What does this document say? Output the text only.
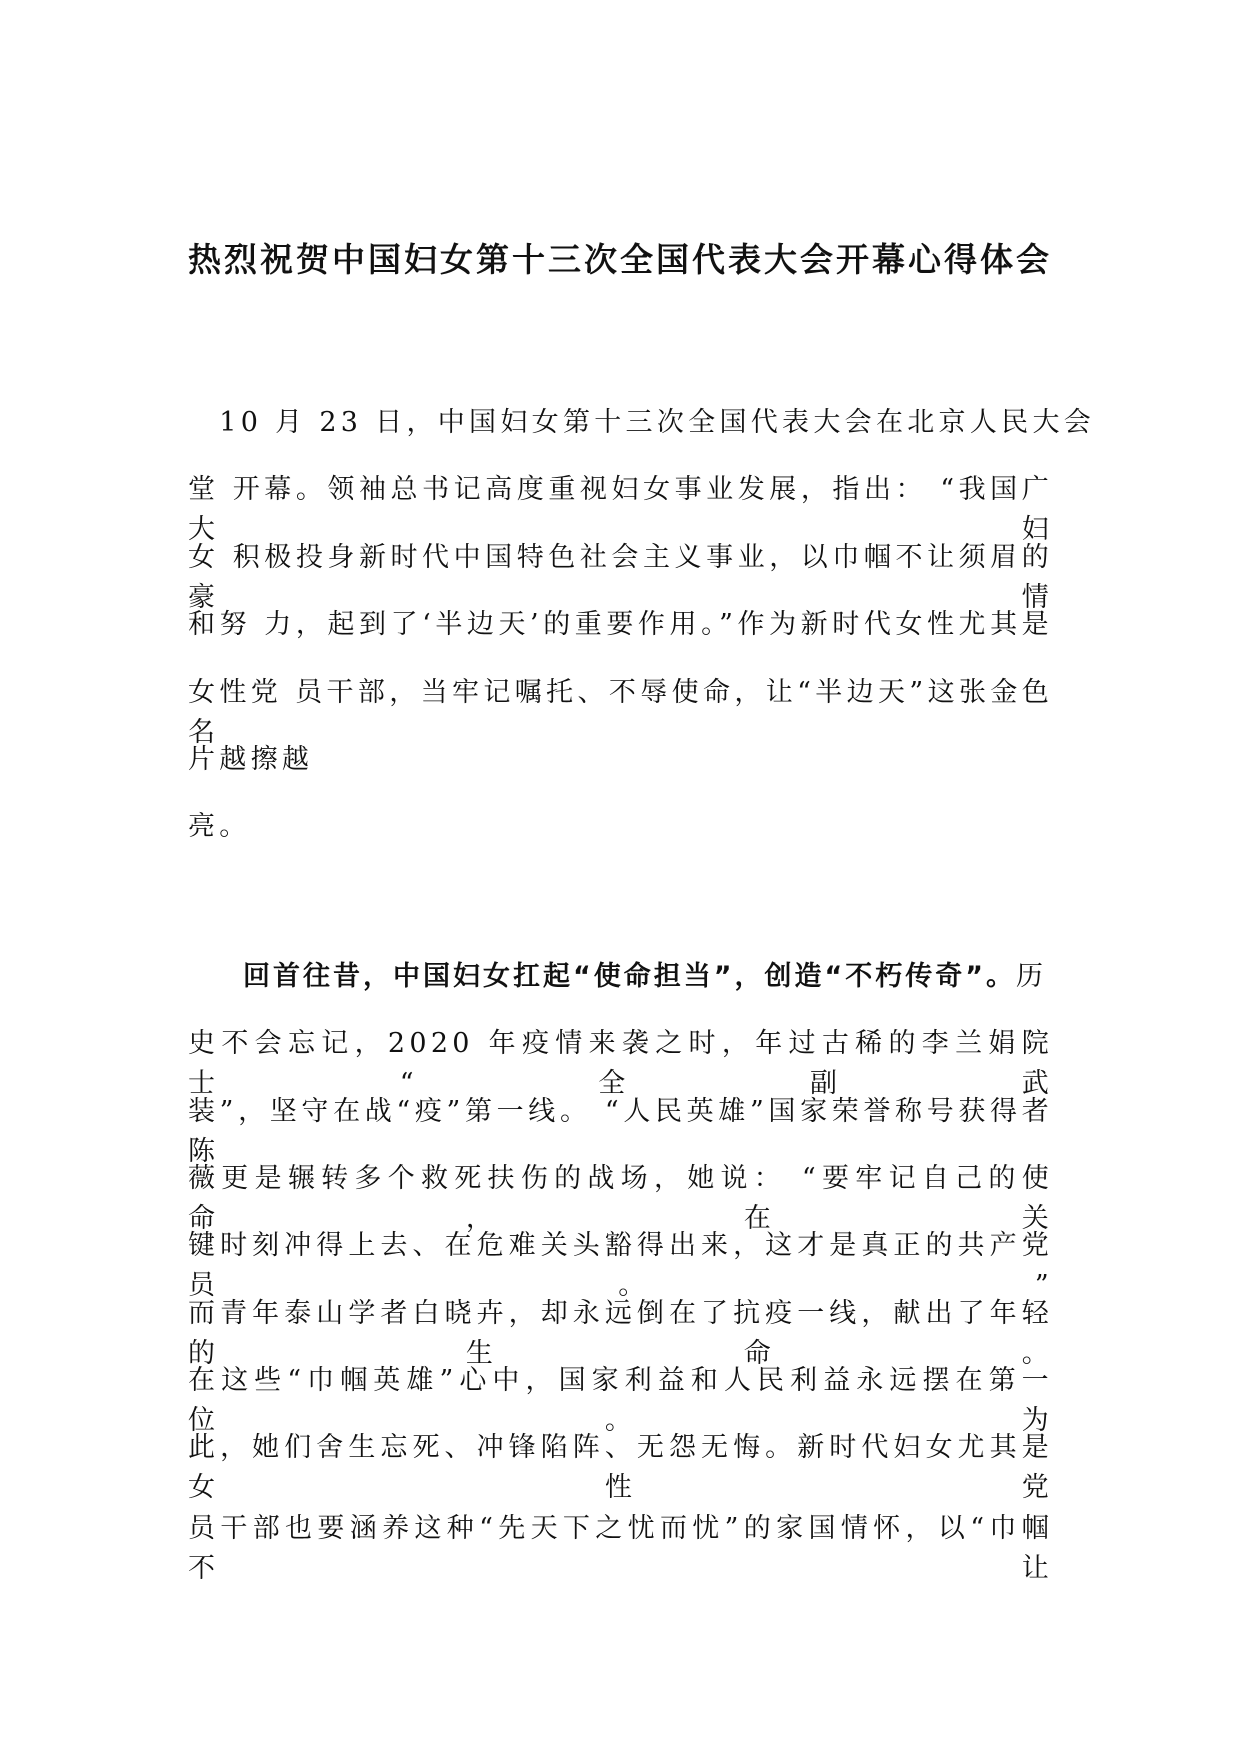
热烈祝贺中国妇女第十三次全国代表大会开幕心得体会

　10 月 23 日，中国妇女第十三次全国代表大会在北京人民大会

堂 开幕。领袖总书记高度重视妇女事业发展，指出： “我国广大妇

女 积极投身新时代中国特色社会主义事业，以巾帼不让须眉的豪情

和努 力，起到了‘半边天’的重要作用。”作为新时代女性尤其是

女性党 员干部，当牢记嘱托、不辱使命，让“半边天”这张金色名

片越擦越

亮。

回首往昔，中国妇女扛起“使命担当”，创造“不朽传奇”。历

史不会忘记，2020 年疫情来袭之时，年过古稀的李兰娟院士“全副武

装”，坚守在战“疫”第一线。 “人民英雄”国家荣誉称号获得者陈

薇更是辗转多个救死扶伤的战场，她说： “要牢记自己的使命，在关

键时刻冲得上去、在危难关头豁得出来，这才是真正的共产党员。”

而青年泰山学者白晓卉，却永远倒在了抗疫一线，献出了年轻的生命。

在这些“巾帼英雄”心中，国家利益和人民利益永远摆在第一位。为

此，她们舍生忘死、冲锋陷阵、无怨无悔。新时代妇女尤其是女性党

员干部也要涵养这种“先天下之忧而忧”的家国情怀，以“巾帼不让
